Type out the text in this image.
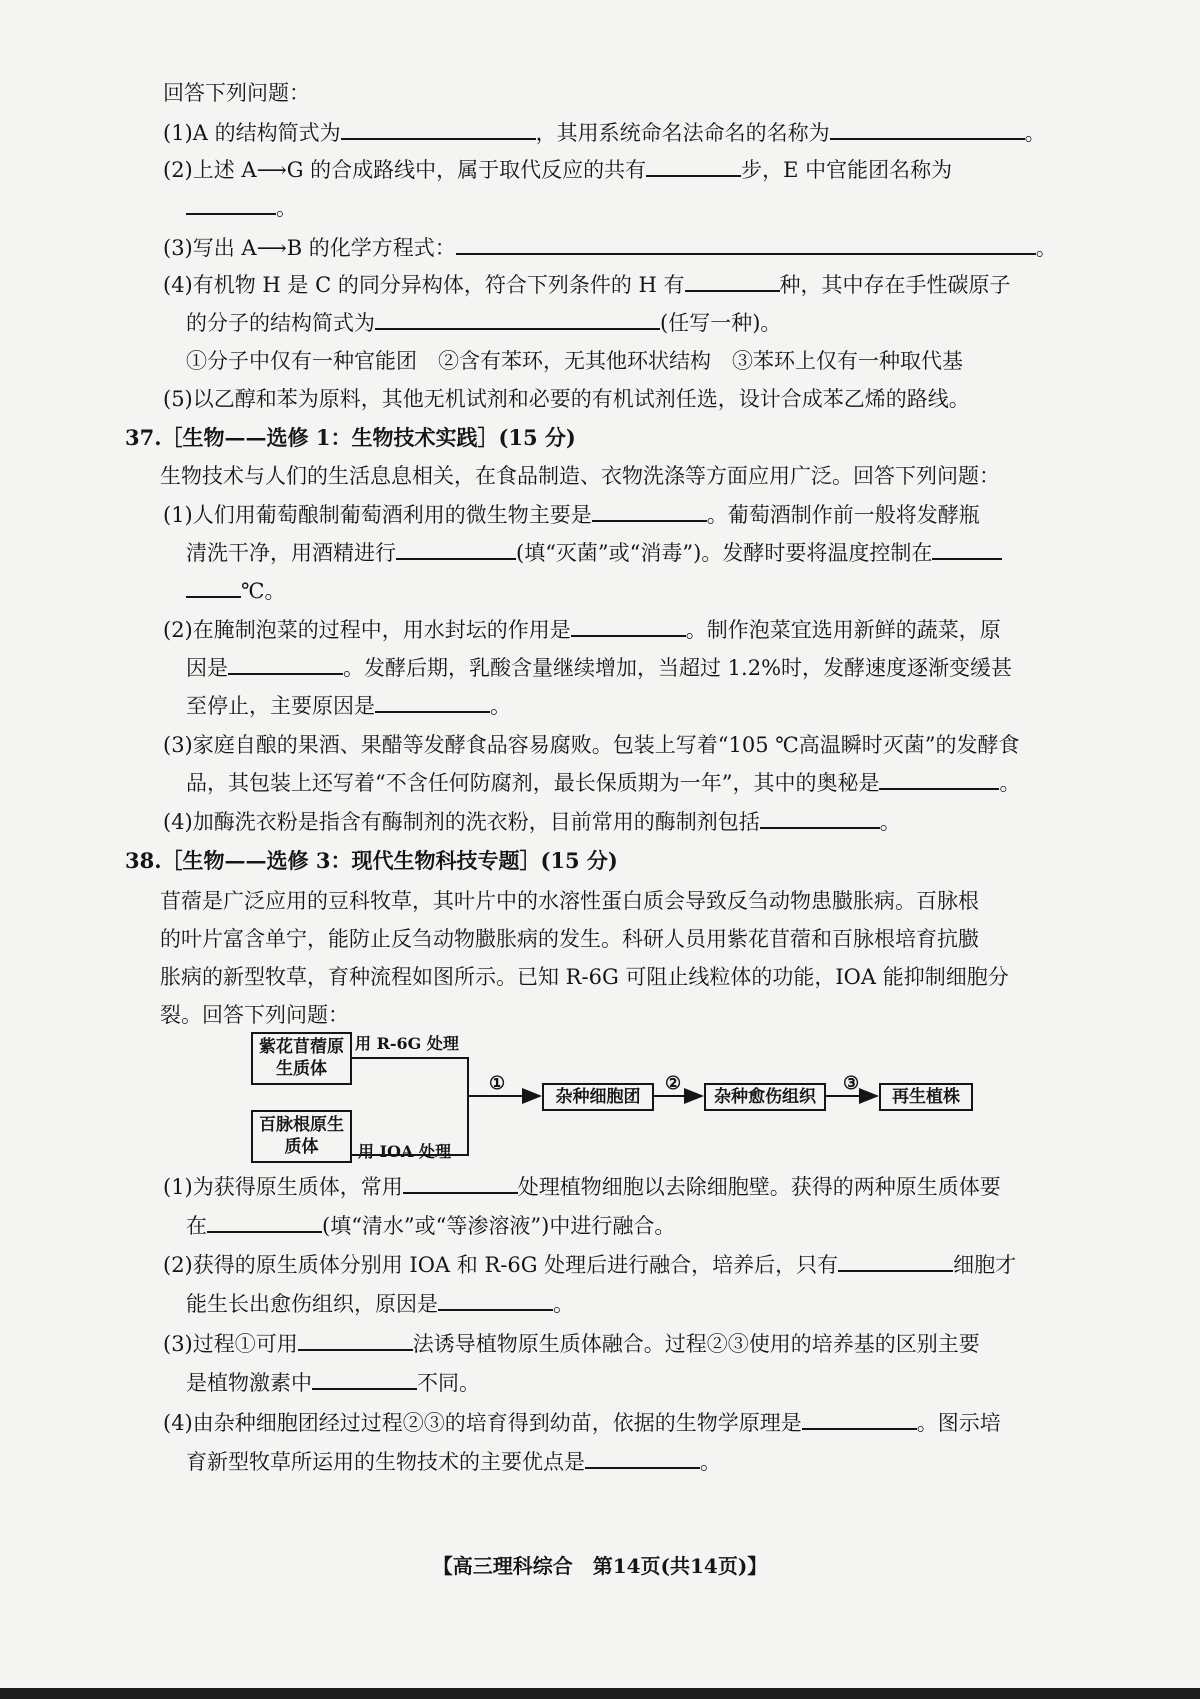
回答下列问题：
(1)A 的结构简式为	，其用系统命名法命名的名称为	。
(2)上述 A⟶G 的合成路线中，属于取代反应的共有	步，E 中官能团名称为
。
(3)写出 A⟶B 的化学方程式：	。
(4)有机物 H 是 C 的同分异构体，符合下列条件的 H 有	种，其中存在手性碳原子
的分子的结构简式为	(任写一种)。
①分子中仅有一种官能团　②含有苯环，无其他环状结构　③苯环上仅有一种取代基
(5)以乙醇和苯为原料，其他无机试剂和必要的有机试剂任选，设计合成苯乙烯的路线。
37.［生物——选修 1：生物技术实践］(15 分)
生物技术与人们的生活息息相关，在食品制造、衣物洗涤等方面应用广泛。回答下列问题：
(1)人们用葡萄酿制葡萄酒利用的微生物主要是	。葡萄酒制作前一般将发酵瓶
清洗干净，用酒精进行	(填“灭菌”或“消毒”)。发酵时要将温度控制在
℃。
(2)在腌制泡菜的过程中，用水封坛的作用是	。制作泡菜宜选用新鲜的蔬菜，原
因是	。发酵后期，乳酸含量继续增加，当超过 1.2%时，发酵速度逐渐变缓甚
至停止，主要原因是	。
(3)家庭自酿的果酒、果醋等发酵食品容易腐败。包装上写着“105 ℃高温瞬时灭菌”的发酵食
品，其包装上还写着“不含任何防腐剂，最长保质期为一年”，其中的奥秘是	。
(4)加酶洗衣粉是指含有酶制剂的洗衣粉，目前常用的酶制剂包括	。
38.［生物——选修 3：现代生物科技专题］(15 分)
苜蓿是广泛应用的豆科牧草，其叶片中的水溶性蛋白质会导致反刍动物患臌胀病。百脉根
的叶片富含单宁，能防止反刍动物臌胀病的发生。科研人员用紫花苜蓿和百脉根培育抗臌
胀病的新型牧草，育种流程如图所示。已知 R-6G 可阻止线粒体的功能，IOA 能抑制细胞分
裂。回答下列问题：
紫花苜蓿原生质体
百脉根原生质体
用 R-6G 处理
用 IOA 处理
①	②	③
杂种细胞团	杂种愈伤组织	再生植株
(1)为获得原生质体，常用	处理植物细胞以去除细胞壁。获得的两种原生质体要
在	(填“清水”或“等渗溶液”)中进行融合。
(2)获得的原生质体分别用 IOA 和 R-6G 处理后进行融合，培养后，只有	细胞才
能生长出愈伤组织，原因是	。
(3)过程①可用	法诱导植物原生质体融合。过程②③使用的培养基的区别主要
是植物激素中	不同。
(4)由杂种细胞团经过过程②③的培育得到幼苗，依据的生物学原理是	。图示培
育新型牧草所运用的生物技术的主要优点是	。
【高三理科综合　第14页(共14页)】
